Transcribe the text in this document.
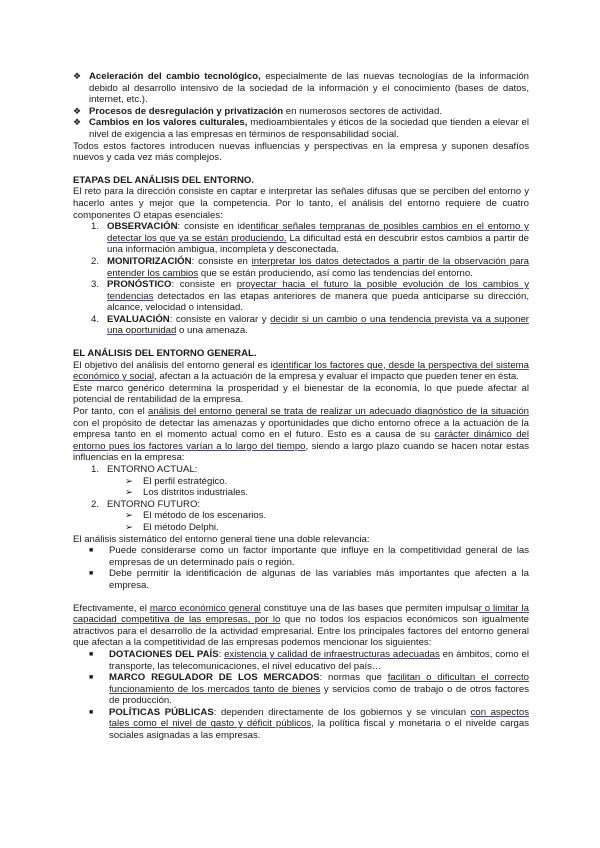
❖ Aceleración del cambio tecnológico, especialmente de las nuevas tecnologías de la información debido al desarrollo intensivo de la sociedad de la información y el conocimiento (bases de datos, internet, etc.).

❖ Procesos de desregulación y privatización en numerosos sectores de actividad.

❖ Cambios en los valores culturales, medioambientales y éticos de la sociedad que tienden a elevar el nivel de exigencia a las empresas en términos de responsabilidad social.

Todos estos factores introducen nuevas influencias y perspectivas en la empresa y suponen desafíos nuevos y cada vez más complejos.

ETAPAS DEL ANÁLISIS DEL ENTORNO.

El reto para la dirección consiste en captar e interpretar las señales difusas que se perciben del entorno y hacerlo antes y mejor que la competencia. Por lo tanto, el análisis del entorno requiere de cuatro componentes O etapas esenciales:

1. OBSERVACIÓN: consiste en identificar señales tempranas de posibles cambios en el entorno y detectar los que ya se están produciendo. La dificultad está en descubrir estos cambios a partir de una información ambigua, incompleta y desconectada.

2. MONITORIZACIÓN: consiste en interpretar los datos detectados a partir de la observación para entender los cambios que se están produciendo, así como las tendencias del entorno.

3. PRONÓSTICO: consiste en proyectar hacia el futuro la posible evolución de los cambios y tendencias detectados en las etapas anteriores de manera que pueda anticiparse su dirección, alcance, velocidad o intensidad.

4. EVALUACIÓN: consiste en valorar y decidir si un cambio o una tendencia prevista va a suponer una oportunidad o una amenaza.

EL ANÁLISIS DEL ENTORNO GENERAL.

El objetivo del análisis del entorno general es identificar los factores que, desde la perspectiva del sistema económico y social, afectan a la actuación de la empresa y evaluar el impacto que pueden tener en ésta.

Este marco genérico determina la prosperidad y el bienestar de la economía, lo que puede afectar al potencial de rentabilidad de la empresa.

Por tanto, con el análisis del entorno general se trata de realizar un adecuado diagnóstico de la situación con el propósito de detectar las amenazas y oportunidades que dicho entorno ofrece a la actuación de la empresa tanto en el momento actual como en el futuro. Esto es a causa de su carácter dinámico del entorno pues los factores varían a lo largo del tiempo, siendo a largo plazo cuando se hacen notar estas influencias en la empresa:

1. ENTORNO ACTUAL:
➢	El perfil estratégico.
➢	Los distritos industriales.
2. ENTORNO FUTURO:
➢	El método de los escenarios.
➢	El método Delphi.

El análisis sistemático del entorno general tiene una doble relevancia:

■	Puede considerarse como un factor importante que influye en la competitividad general de las empresas de un determinado país o región.

■	Debe permitir la identificación de algunas de las variables más importantes que afecten a la empresa.

Efectivamente, el marco económico general constituye una de las bases que permiten impulsar o limitar la capacidad competitiva de las empresas, por lo que no todos los espacios económicos son igualmente atractivos para el desarrollo de la actividad empresarial. Entre los principales factores del entorno general que afectan a la competitividad de las empresas podemos mencionar los siguientes:

■	DOTACIONES DEL PAÍS: existencia y calidad de infraestructuras adecuadas en ámbitos, como el transporte, las telecomunicaciones, el nivel educativo del país…

■	MARCO REGULADOR DE LOS MERCADOS: normas que facilitan o dificultan el correcto funcionamiento de los mercados tanto de bienes y servicios como de trabajo o de otros factores de producción.

■	POLÍTICAS PÚBLICAS: dependen directamente de los gobiernos y se vinculan con aspectos tales como el nivel de gasto y déficit públicos, la política fiscal y monetaria o el nivelde cargas sociales asignadas a las empresas.
